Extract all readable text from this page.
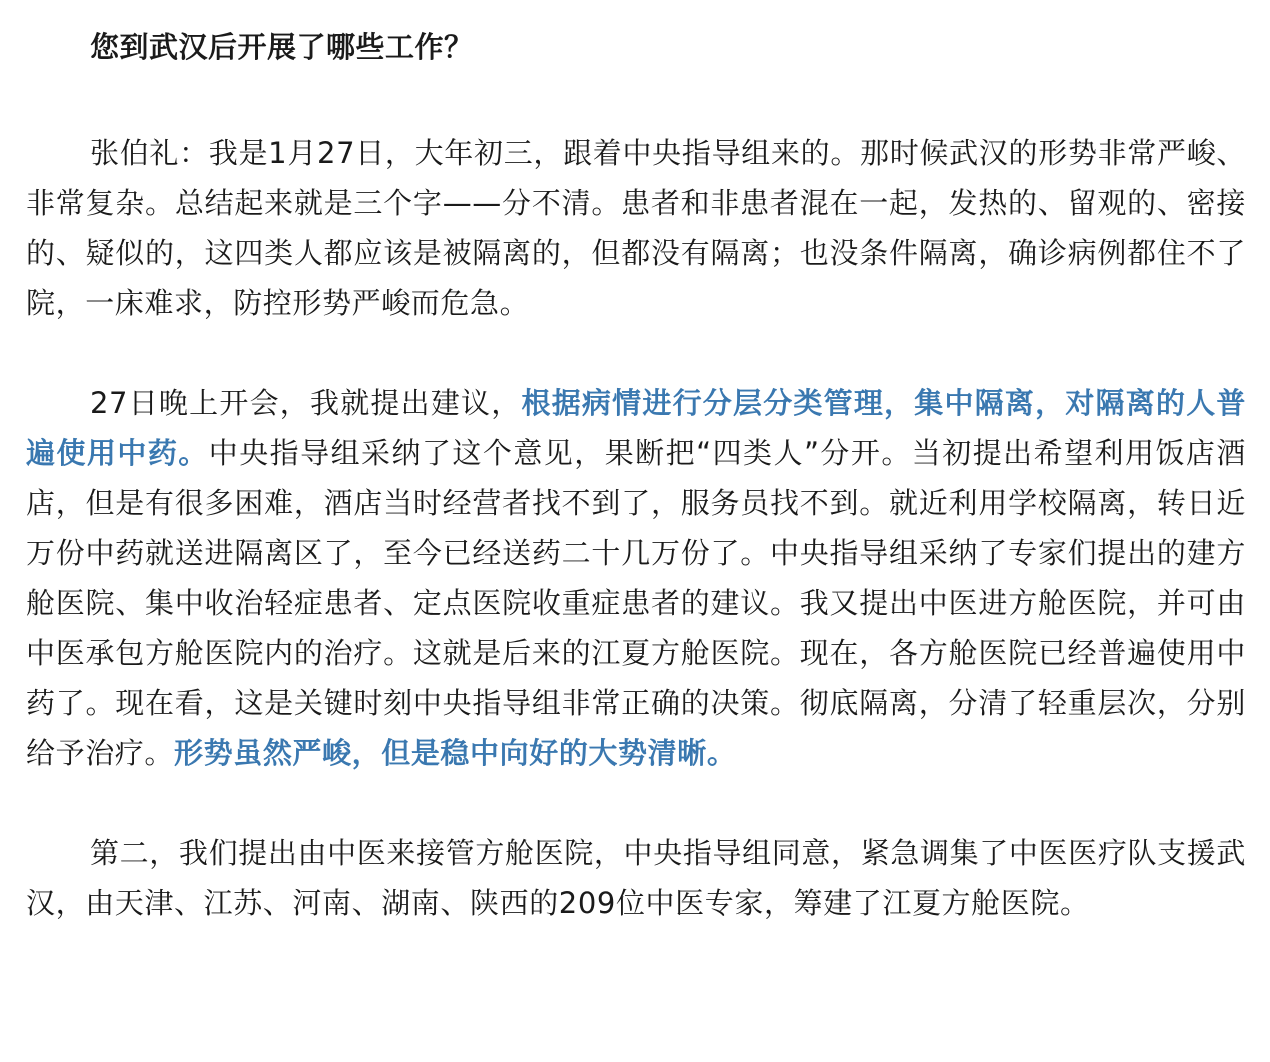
您到武汉后开展了哪些工作？

张伯礼：我是1月27日，大年初三，跟着中央指导组来的。那时候武汉的形势非常严峻、非常复杂。总结起来就是三个字——分不清。患者和非患者混在一起，发热的、留观的、密接的、疑似的，这四类人都应该是被隔离的，但都没有隔离；也没条件隔离，确诊病例都住不了院，一床难求，防控形势严峻而危急。

27日晚上开会，我就提出建议，根据病情进行分层分类管理，集中隔离，对隔离的人普遍使用中药。中央指导组采纳了这个意见，果断把“四类人”分开。当初提出希望利用饭店酒店，但是有很多困难，酒店当时经营者找不到了，服务员找不到。就近利用学校隔离，转日近万份中药就送进隔离区了，至今已经送药二十几万份了。中央指导组采纳了专家们提出的建方舱医院、集中收治轻症患者、定点医院收重症患者的建议。我又提出中医进方舱医院，并可由中医承包方舱医院内的治疗。这就是后来的江夏方舱医院。现在，各方舱医院已经普遍使用中药了。现在看，这是关键时刻中央指导组非常正确的决策。彻底隔离，分清了轻重层次，分别给予治疗。形势虽然严峻，但是稳中向好的大势清晰。

第二，我们提出由中医来接管方舱医院，中央指导组同意，紧急调集了中医医疗队支援武汉，由天津、江苏、河南、湖南、陕西的209位中医专家，筹建了江夏方舱医院。
